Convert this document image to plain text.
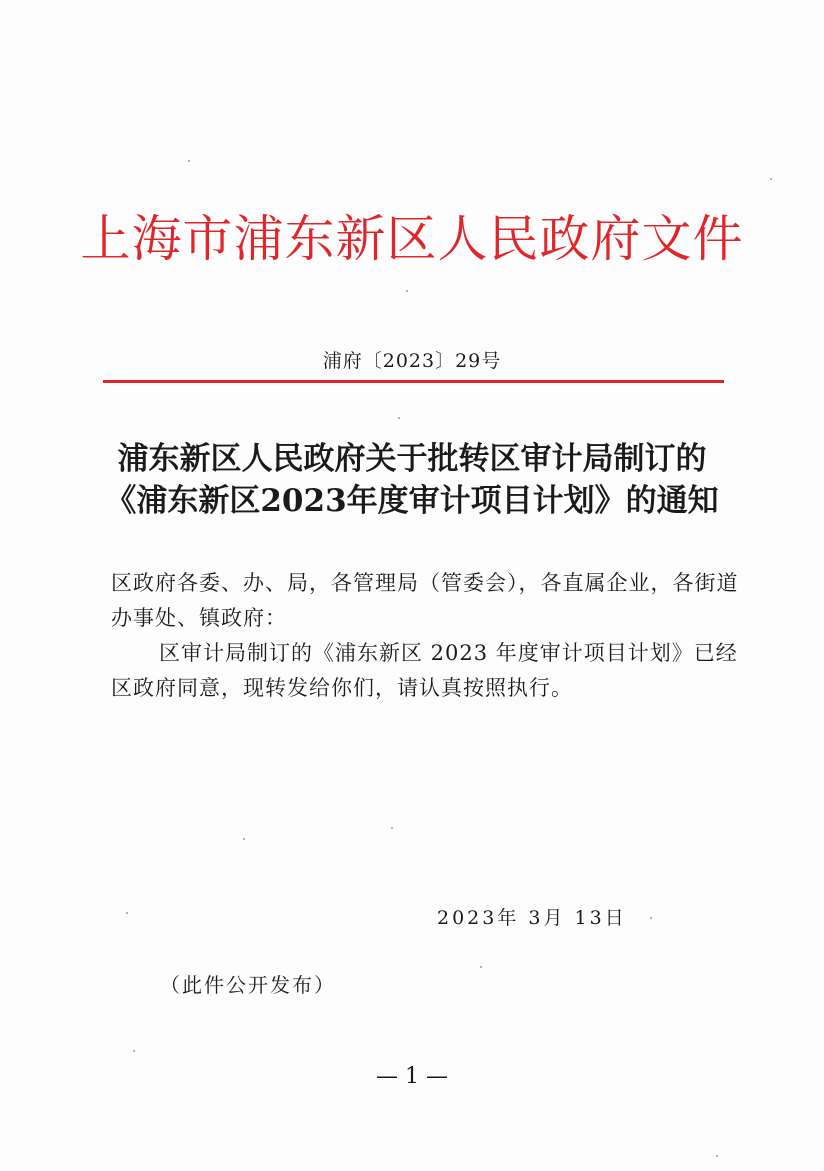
上海市浦东新区人民政府文件
浦府〔2023〕29号
浦东新区人民政府关于批转区审计局制订的
《浦东新区2023年度审计项目计划》的通知
区政府各委、办、局，各管理局（管委会），各直属企业，各街道
办事处、镇政府：
区审计局制订的《浦东新区 2023 年度审计项目计划》已经
区政府同意，现转发给你们，请认真按照执行。
2023年 3月 13日
（此件公开发布）
— 1 —
